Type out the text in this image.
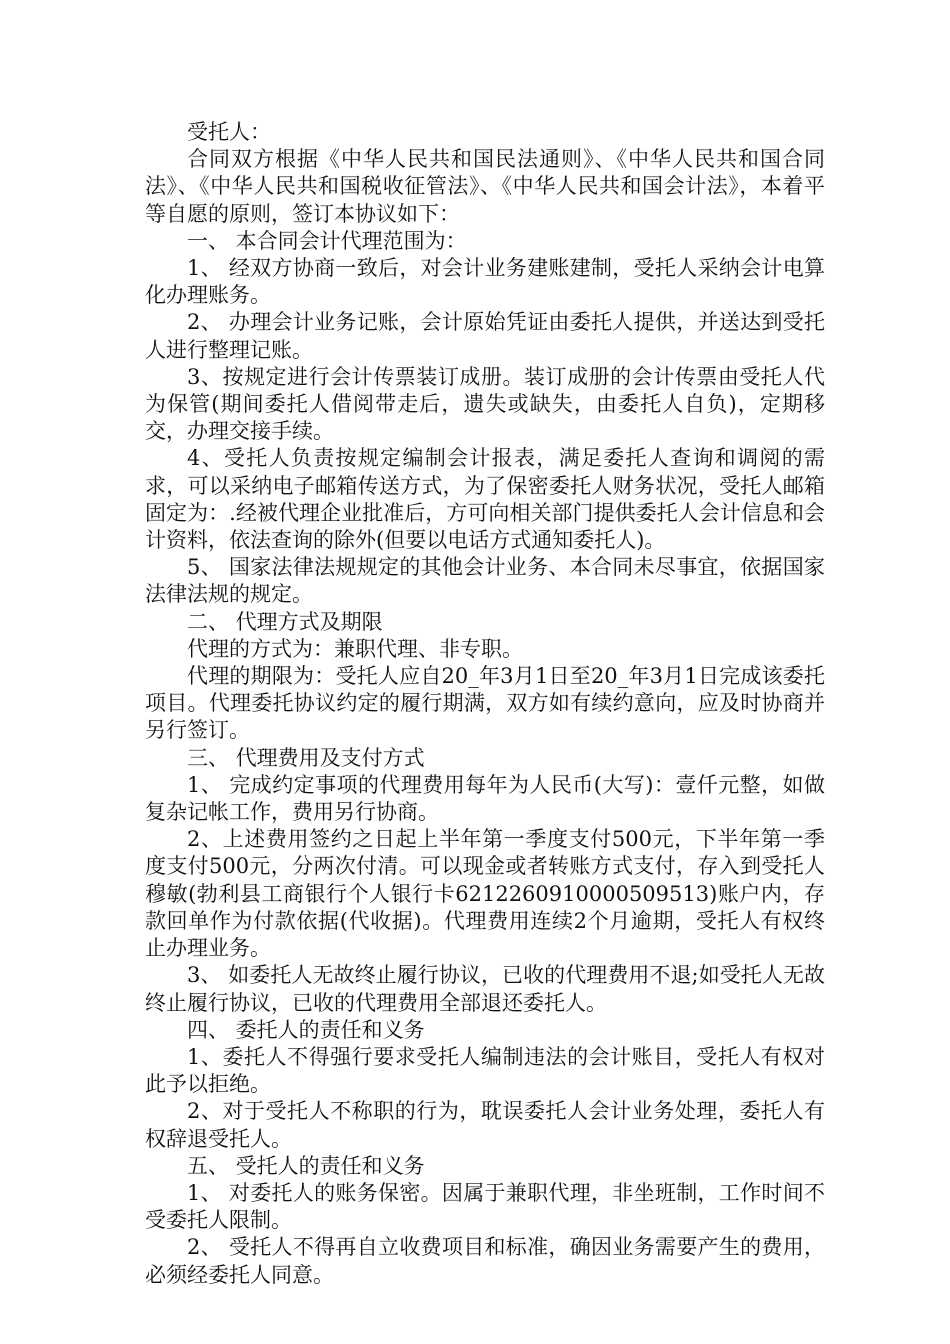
受托人：

合同双方根据《中华人民共和国民法通则》、《中华人民共和国合同法》、《中华人民共和国税收征管法》、《中华人民共和国会计法》，本着平等自愿的原则，签订本协议如下：

一、 本合同会计代理范围为：

1、 经双方协商一致后，对会计业务建账建制，受托人采纳会计电算化办理账务。

2、 办理会计业务记账，会计原始凭证由委托人提供，并送达到受托人进行整理记账。

3、按规定进行会计传票装订成册。装订成册的会计传票由受托人代为保管(期间委托人借阅带走后，遗失或缺失，由委托人自负)，定期移交，办理交接手续。

4、受托人负责按规定编制会计报表，满足委托人查询和调阅的需求，可以采纳电子邮箱传送方式，为了保密委托人财务状况，受托人邮箱固定为：.经被代理企业批准后，方可向相关部门提供委托人会计信息和会计资料，依法查询的除外(但要以电话方式通知委托人)。

5、 国家法律法规规定的其他会计业务、本合同未尽事宜，依据国家法律法规的规定。

二、 代理方式及期限

代理的方式为：兼职代理、非专职。

代理的期限为：受托人应自20_年3月1日至20_年3月1日完成该委托项目。代理委托协议约定的履行期满，双方如有续约意向，应及时协商并另行签订。

三、 代理费用及支付方式

1、 完成约定事项的代理费用每年为人民币(大写)：壹仟元整，如做复杂记帐工作，费用另行协商。

2、上述费用签约之日起上半年第一季度支付500元，下半年第一季度支付500元，分两次付清。可以现金或者转账方式支付，存入到受托人穆敏(勃利县工商银行个人银行卡6212260910000509513)账户内，存款回单作为付款依据(代收据)。代理费用连续2个月逾期，受托人有权终止办理业务。

3、 如委托人无故终止履行协议，已收的代理费用不退;如受托人无故终止履行协议，已收的代理费用全部退还委托人。

四、 委托人的责任和义务

1、委托人不得强行要求受托人编制违法的会计账目，受托人有权对此予以拒绝。

2、对于受托人不称职的行为，耽误委托人会计业务处理，委托人有权辞退受托人。

五、 受托人的责任和义务

1、 对委托人的账务保密。因属于兼职代理，非坐班制，工作时间不受委托人限制。

2、 受托人不得再自立收费项目和标准，确因业务需要产生的费用，必须经委托人同意。
